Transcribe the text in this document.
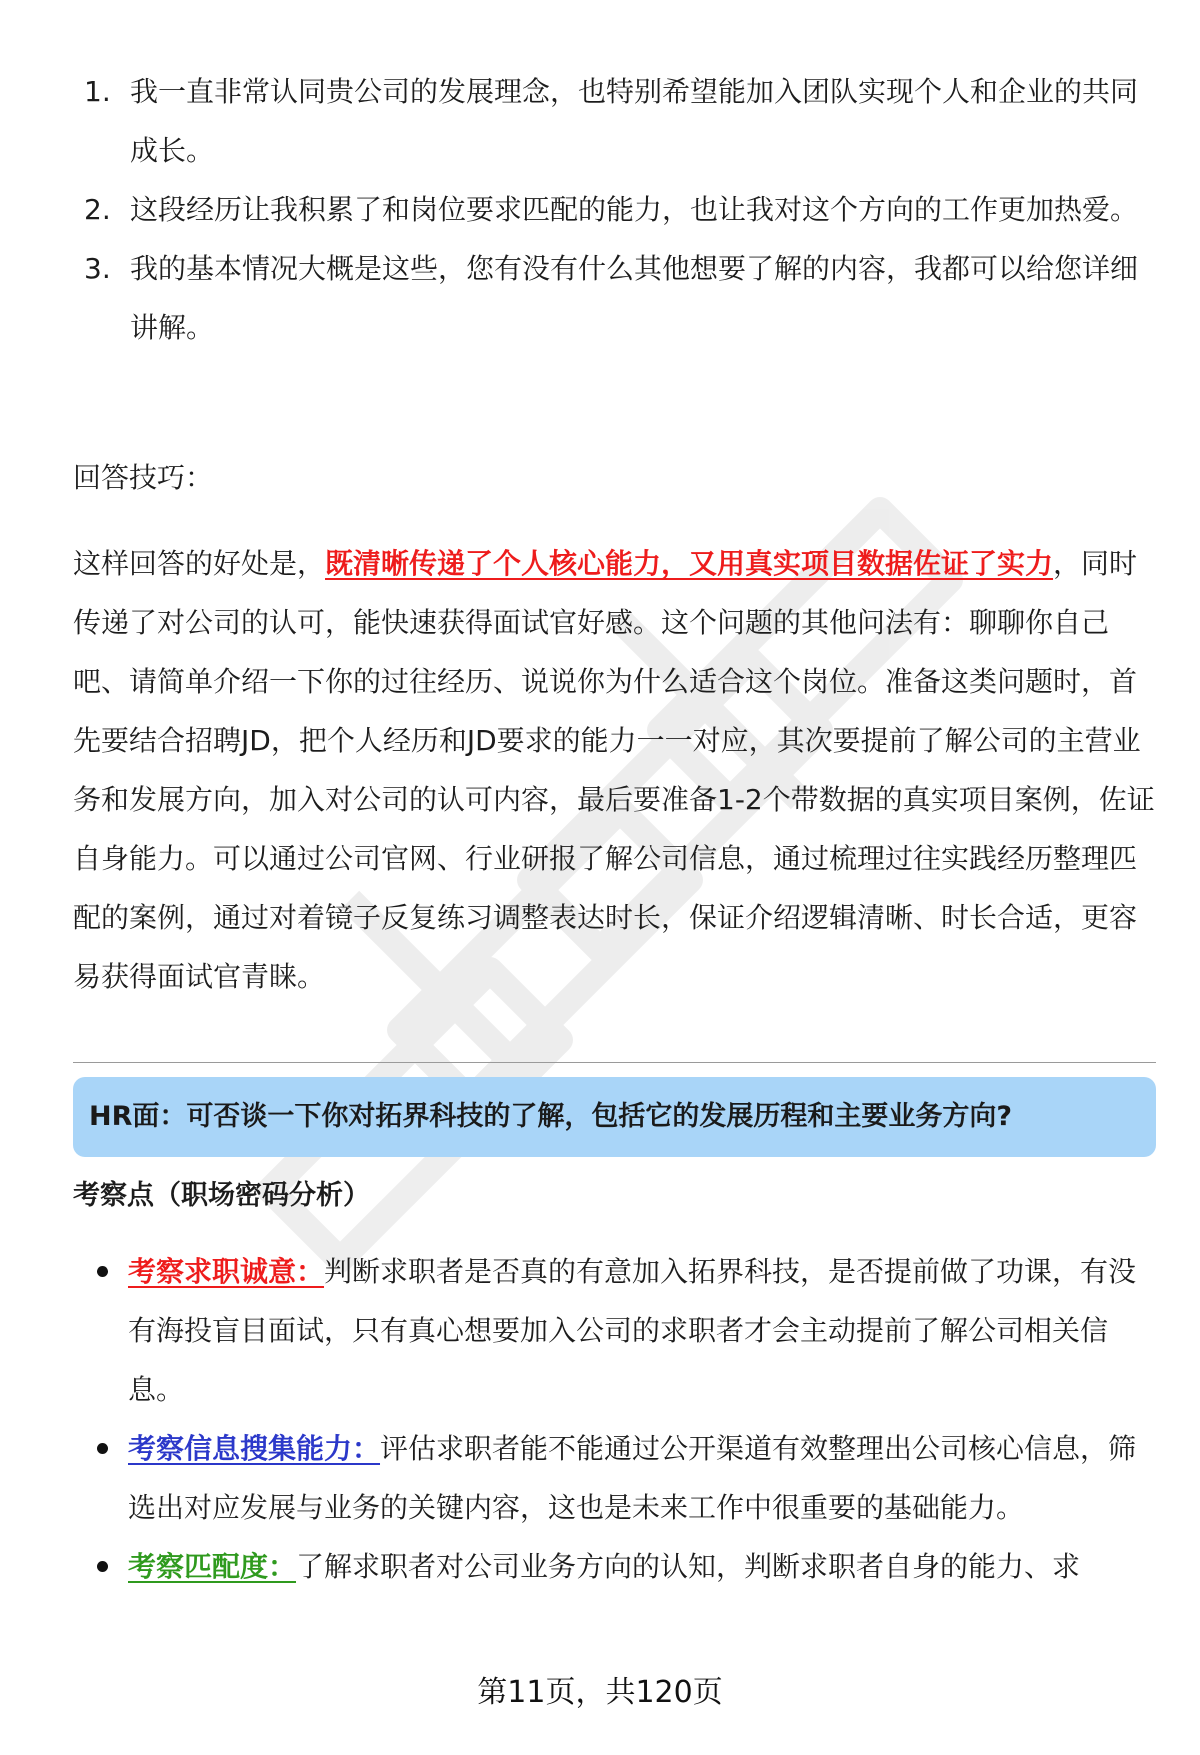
1. 我一直非常认同贵公司的发展理念，也特别希望能加入团队实现个人和企业的共同成长。
2. 这段经历让我积累了和岗位要求匹配的能力，也让我对这个方向的工作更加热爱。
3. 我的基本情况大概是这些，您有没有什么其他想要了解的内容，我都可以给您详细讲解。
回答技巧：

这样回答的好处是，既清晰传递了个人核心能力，又用真实项目数据佐证了实力，同时传递了对公司的认可，能快速获得面试官好感。这个问题的其他问法有：聊聊你自己吧、请简单介绍一下你的过往经历、说说你为什么适合这个岗位。准备这类问题时，首先要结合招聘JD，把个人经历和JD要求的能力一一对应，其次要提前了解公司的主营业务和发展方向，加入对公司的认可内容，最后要准备1-2个带数据的真实项目案例，佐证自身能力。可以通过公司官网、行业研报了解公司信息，通过梳理过往实践经历整理匹配的案例，通过对着镜子反复练习调整表达时长，保证介绍逻辑清晰、时长合适，更容易获得面试官青睐。

HR面：可否谈一下你对拓界科技的了解，包括它的发展历程和主要业务方向?
考察点（职场密码分析）
考察求职诚意：判断求职者是否真的有意加入拓界科技，是否提前做了功课，有没有海投盲目面试，只有真心想要加入公司的求职者才会主动提前了解公司相关信息。
考察信息搜集能力：评估求职者能不能通过公开渠道有效整理出公司核心信息，筛选出对应发展与业务的关键内容，这也是未来工作中很重要的基础能力。
考察匹配度：了解求职者对公司业务方向的认知，判断求职者自身的能力、求
第11页，共120页
